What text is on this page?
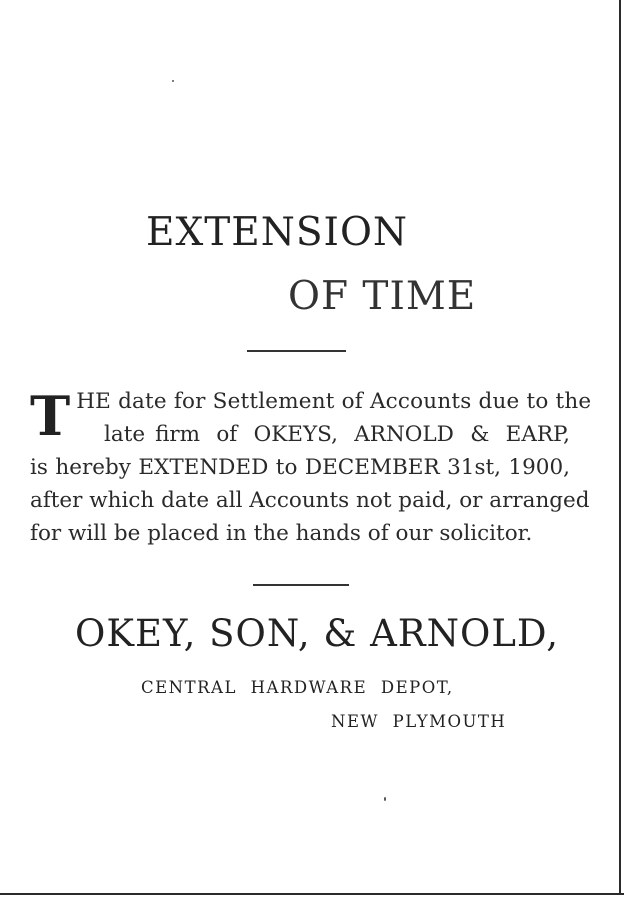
EXTENSION
OF TIME
T HE date for Settlement of Accounts due to the
late firm of OKEYS, ARNOLD & EARP,
is hereby EXTENDED to DECEMBER 31st, 1900,
after which date all Accounts not paid, or arranged
for will be placed in the hands of our solicitor.
OKEY, SON, & ARNOLD,
CENTRAL HARDWARE DEPOT,
NEW PLYMOUTH
